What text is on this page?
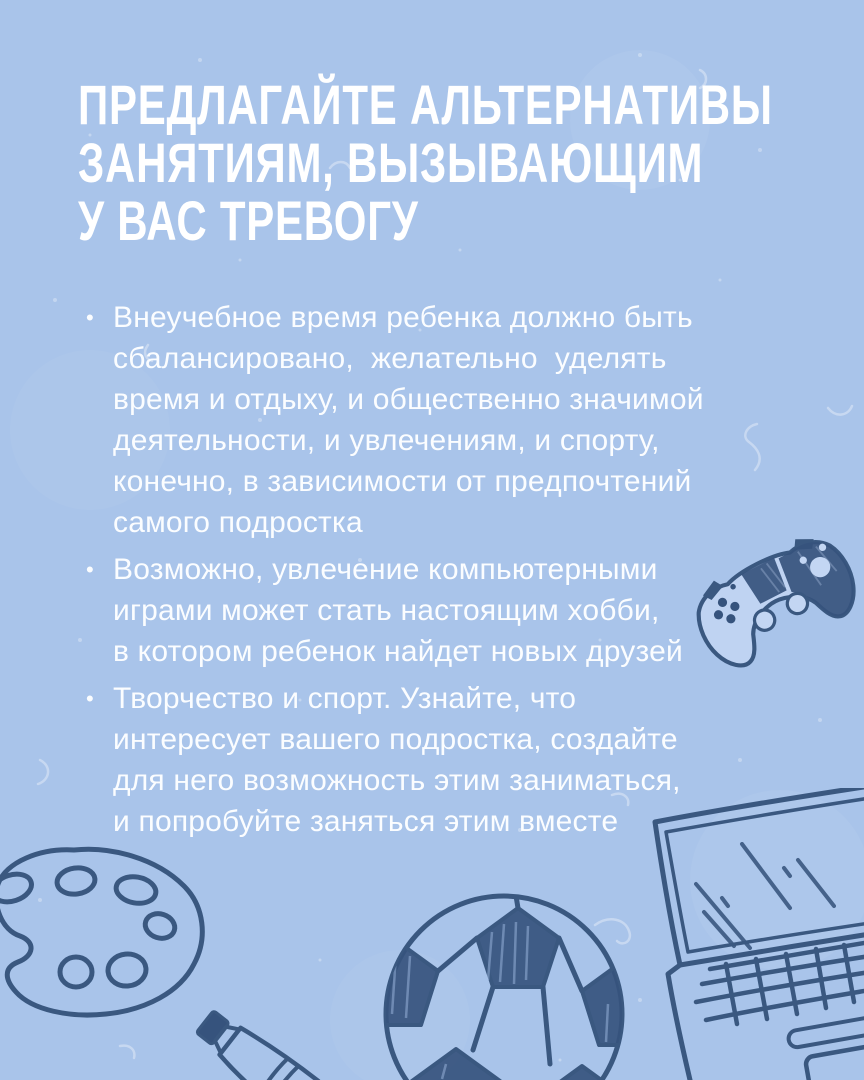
ПРЕДЛАГАЙТЕ АЛЬТЕРНАТИВЫ
ЗАНЯТИЯМ, ВЫЗЫВАЮЩИМ
У ВАС ТРЕВОГУ
• Внеучебное время ребенка должно быть
сбалансировано,  желательно  уделять
время и отдыху, и общественно значимой
деятельности, и увлечениям, и спорту,
конечно, в зависимости от предпочтений
самого подростка
• Возможно, увлечение компьютерными
играми может стать настоящим хобби,
в котором ребенок найдет новых друзей
• Творчество и спорт. Узнайте, что
интересует вашего подростка, создайте
для него возможность этим заниматься,
и попробуйте заняться этим вместе
